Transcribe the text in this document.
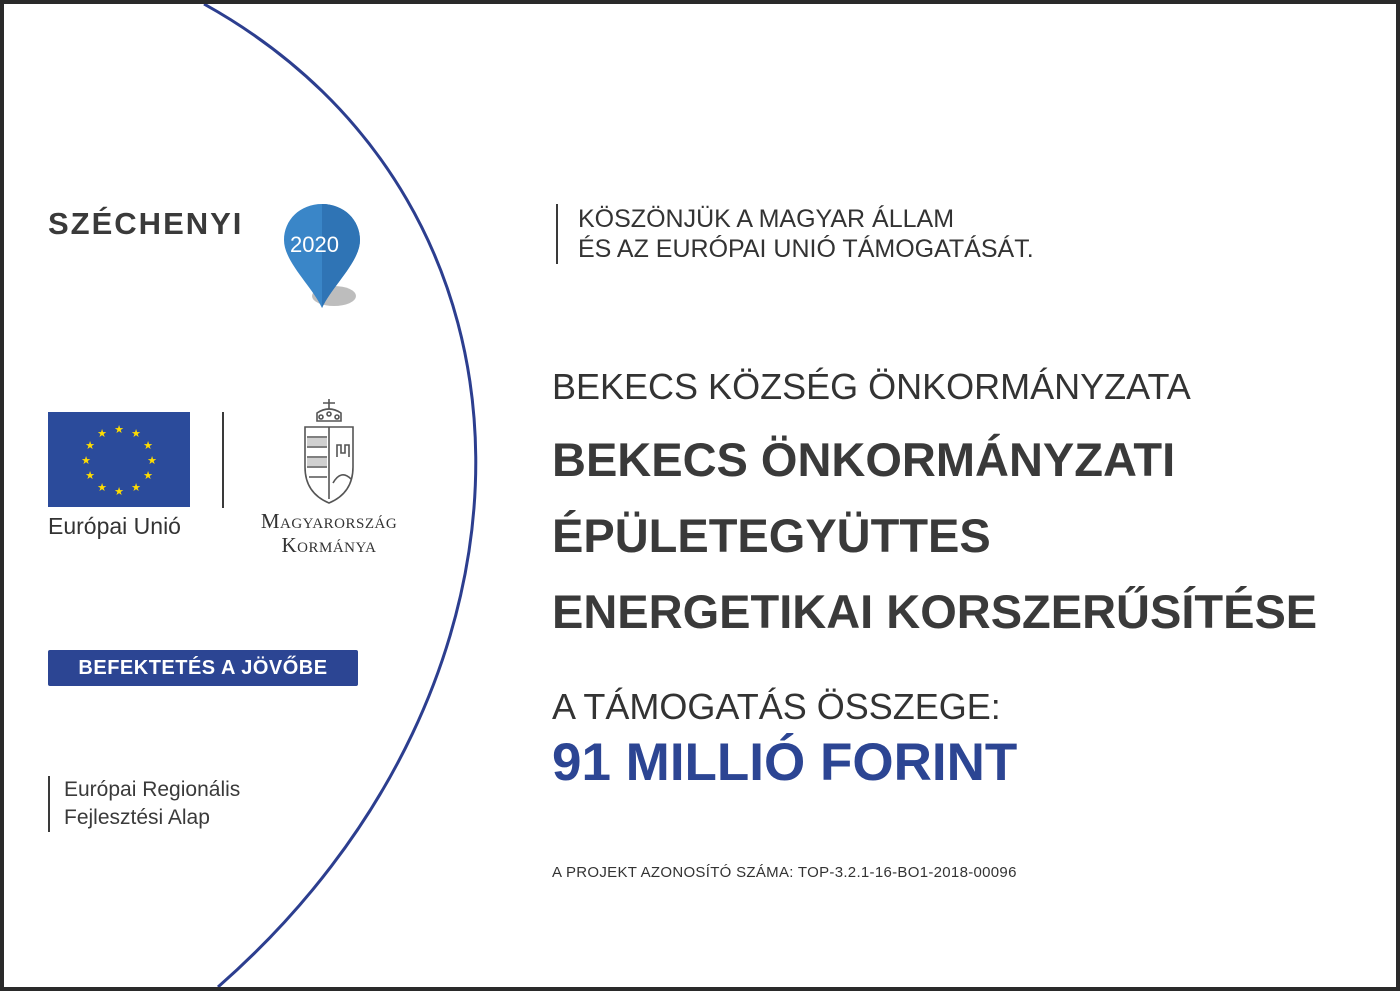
SZÉCHENYI
2020
★ ★
★
★
★
★
★
★
★
★
★
★
Európai Unió	Magyarország
Kormánya
BEFEKTETÉS A JÖVŐBE
Európai Regionális
Fejlesztési Alap
KÖSZÖNJÜK A MAGYAR ÁLLAM
ÉS AZ EURÓPAI UNIÓ TÁMOGATÁSÁT.
BEKECS KÖZSÉG ÖNKORMÁNYZATA
BEKECS ÖNKORMÁNYZATI
ÉPÜLETEGYÜTTES
ENERGETIKAI KORSZERŰSÍTÉSE
A TÁMOGATÁS ÖSSZEGE:
91 MILLIÓ FORINT
A PROJEKT AZONOSÍTÓ SZÁMA: TOP-3.2.1-16-BO1-2018-00096
